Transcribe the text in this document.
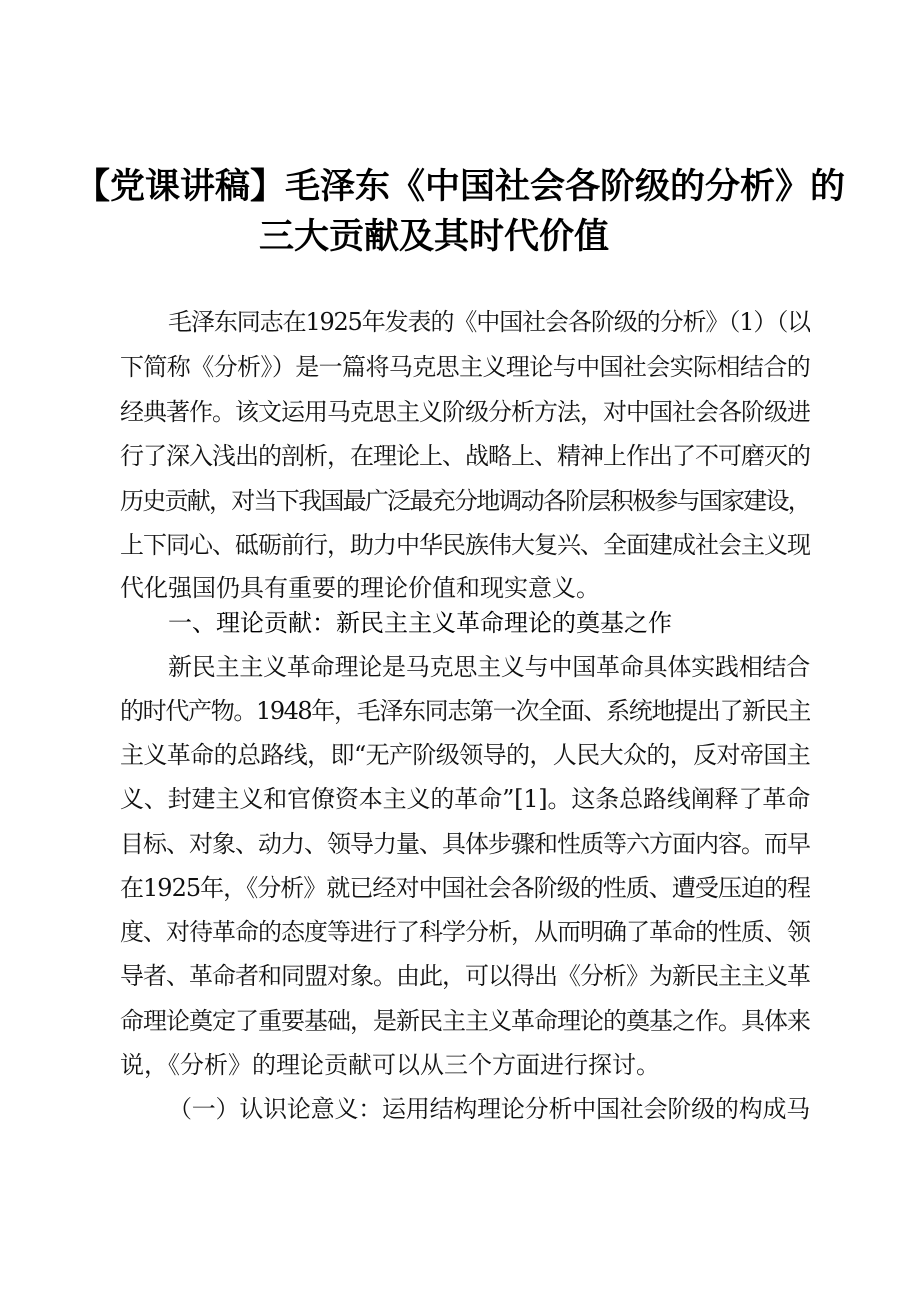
【党课讲稿】毛泽东《中国社会各阶级的分析》的
三大贡献及其时代价值
毛泽东同志在1925年发表的《中国社会各阶级的分析》（1）（以
下简称《分析》）是一篇将马克思主义理论与中国社会实际相结合的
经典著作。该文运用马克思主义阶级分析方法，对中国社会各阶级进
行了深入浅出的剖析，在理论上、战略上、精神上作出了不可磨灭的
历史贡献，对当下我国最广泛最充分地调动各阶层积极参与国家建设，
上下同心、砥砺前行，助力中华民族伟大复兴、全面建成社会主义现
代化强国仍具有重要的理论价值和现实意义。
一、理论贡献：新民主主义革命理论的奠基之作
新民主主义革命理论是马克思主义与中国革命具体实践相结合
的时代产物。1948年，毛泽东同志第一次全面、系统地提出了新民主
主义革命的总路线，即“无产阶级领导的，人民大众的，反对帝国主
义、封建主义和官僚资本主义的革命”[1]。这条总路线阐释了革命
目标、对象、动力、领导力量、具体步骤和性质等六方面内容。而早
在1925年，《分析》就已经对中国社会各阶级的性质、遭受压迫的程
度、对待革命的态度等进行了科学分析，从而明确了革命的性质、领
导者、革命者和同盟对象。由此，可以得出《分析》为新民主主义革
命理论奠定了重要基础，是新民主主义革命理论的奠基之作。具体来
说，《分析》的理论贡献可以从三个方面进行探讨。
（一）认识论意义：运用结构理论分析中国社会阶级的构成马
